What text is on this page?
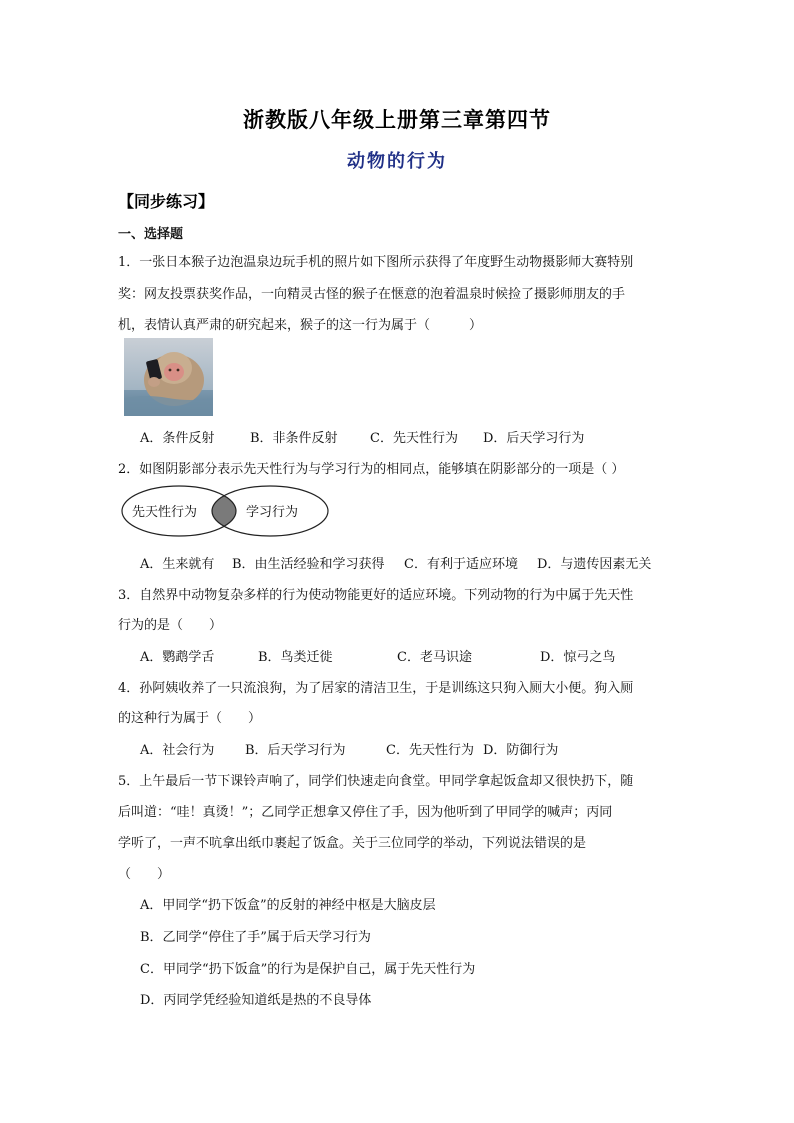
浙教版八年级上册第三章第四节
动物的行为
【同步练习】
一、选择题
1．一张日本猴子边泡温泉边玩手机的照片如下图所示获得了年度野生动物摄影师大赛特别
奖：网友投票获奖作品，一向精灵古怪的猴子在惬意的泡着温泉时候捡了摄影师朋友的手
机，表情认真严肃的研究起来，猴子的这一行为属于（　　　）
A．条件反射	B．非条件反射 C．先天性行为 D．后天学习行为
2．如图阴影部分表示先天性行为与学习行为的相同点，能够填在阴影部分的一项是（ ）
先天性行为	学习行为
A．生来就有 B．由生活经验和学习获得 C．有利于适应环境 D．与遗传因素无关
3．自然界中动物复杂多样的行为使动物能更好的适应环境。下列动物的行为中属于先天性
行为的是（　　）
A．鹦鹉学舌	B．鸟类迁徙	C．老马识途	D．惊弓之鸟
4．孙阿姨收养了一只流浪狗，为了居家的清洁卫生，于是训练这只狗入厕大小便。狗入厕
的这种行为属于（　　）
A．社会行为 B．后天学习行为	C．先天性行为 D．防御行为
5．上午最后一节下课铃声响了，同学们快速走向食堂。甲同学拿起饭盒却又很快扔下，随
后叫道：“哇！真烫！”；乙同学正想拿又停住了手，因为他听到了甲同学的喊声；丙同
学听了，一声不吭拿出纸巾裹起了饭盒。关于三位同学的举动，下列说法错误的是
（　　）
A．甲同学“扔下饭盒”的反射的神经中枢是大脑皮层
B．乙同学“停住了手”属于后天学习行为
C．甲同学“扔下饭盒”的行为是保护自己，属于先天性行为
D．丙同学凭经验知道纸是热的不良导体
